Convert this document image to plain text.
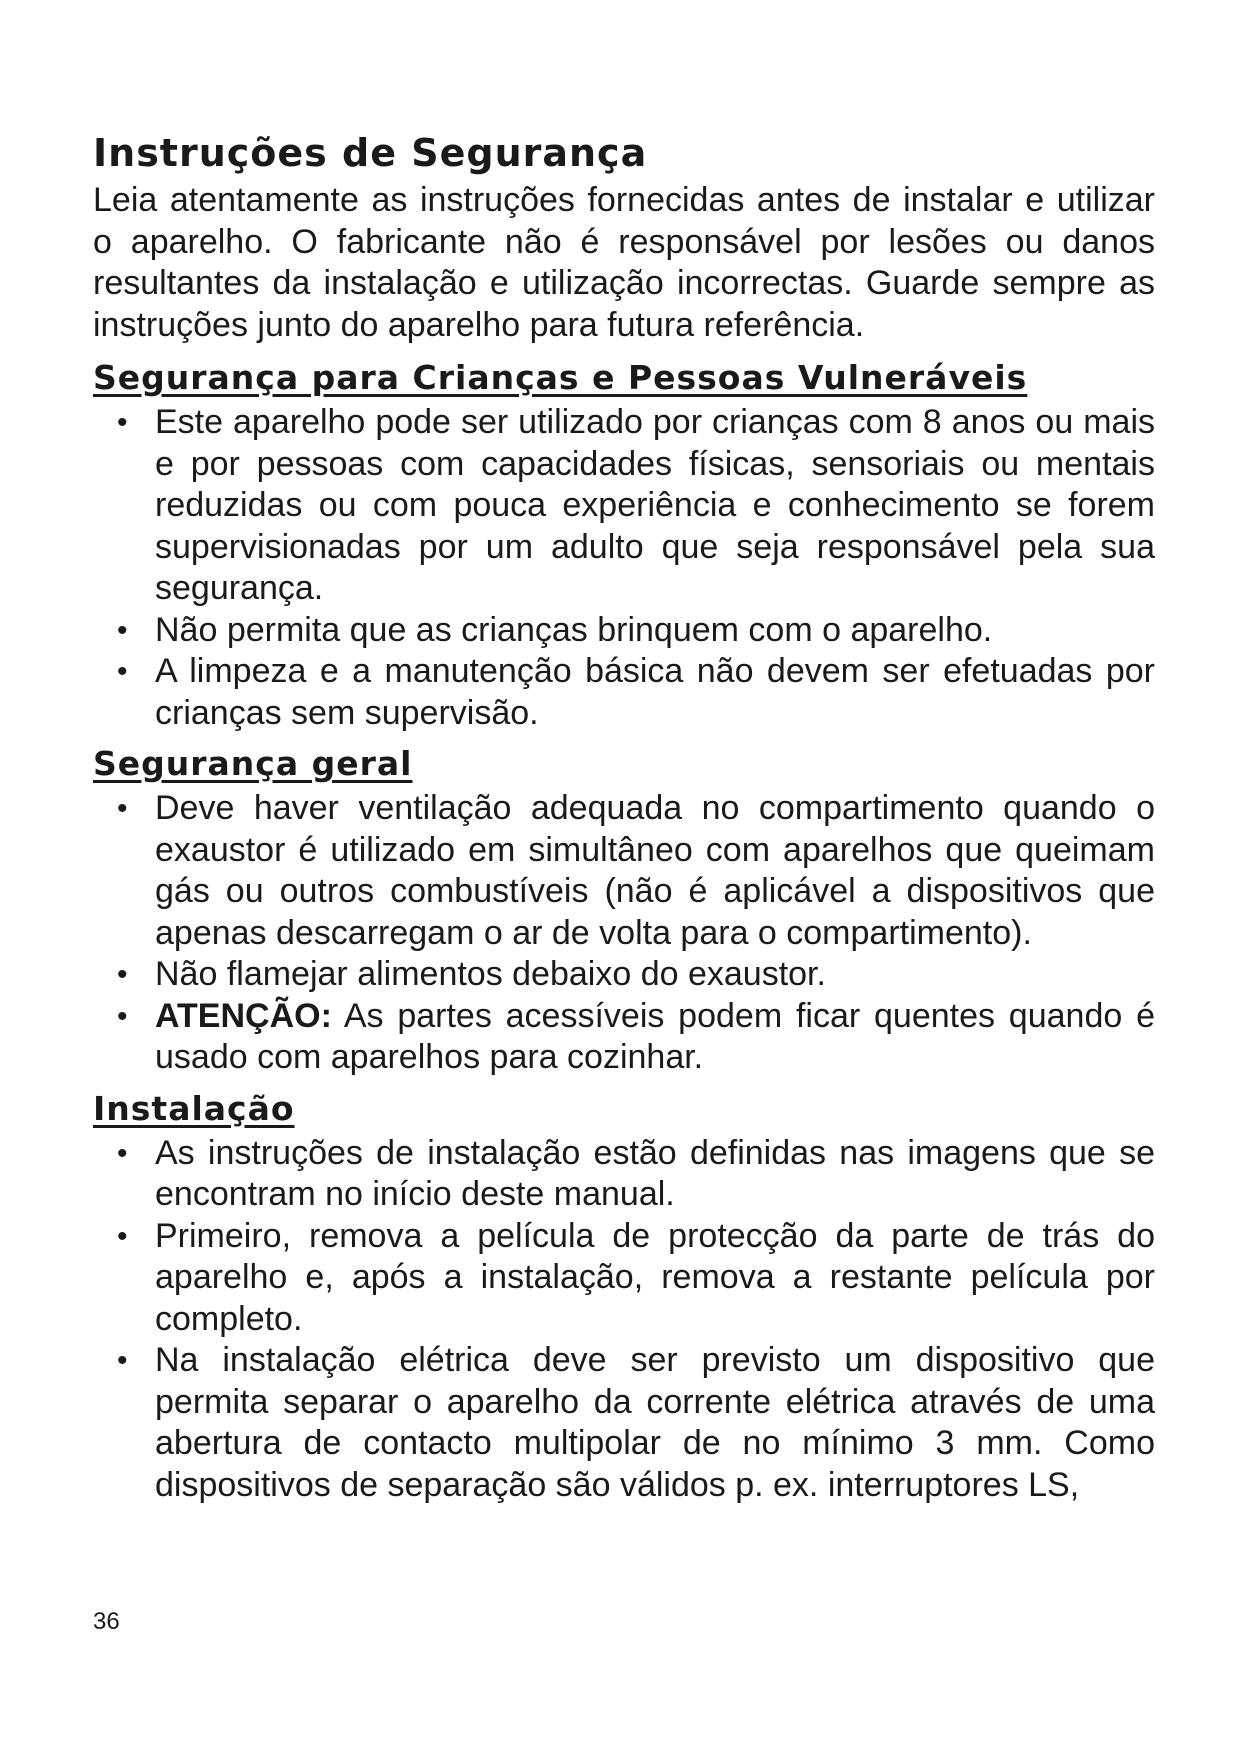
Instruções de Segurança

Leia atentamente as instruções fornecidas antes de instalar e utilizar o aparelho. O fabricante não é responsável por lesões ou danos resultantes da instalação e utilização incorrectas. Guarde sempre as instruções junto do aparelho para futura referência.

Segurança para Crianças e Pessoas Vulneráveis
• Este aparelho pode ser utilizado por crianças com 8 anos ou mais e por pessoas com capacidades físicas, sensoriais ou mentais reduzidas ou com pouca experiência e conhecimento se forem supervisionadas por um adulto que seja responsável pela sua segurança.
• Não permita que as crianças brinquem com o aparelho.
• A limpeza e a manutenção básica não devem ser efetuadas por crianças sem supervisão.
Segurança geral
• Deve haver ventilação adequada no compartimento quando o exaustor é utilizado em simultâneo com aparelhos que queimam gás ou outros combustíveis (não é aplicável a dispositivos que apenas descarregam o ar de volta para o compartimento).
• Não flamejar alimentos debaixo do exaustor.
• ATENÇÃO: As partes acessíveis podem ficar quentes quando é usado com aparelhos para cozinhar.
Instalação
• As instruções de instalação estão definidas nas imagens que se encontram no início deste manual.
• Primeiro, remova a película de protecção da parte de trás do aparelho e, após a instalação, remova a restante película por completo.
• Na instalação elétrica deve ser previsto um dispositivo que permita separar o aparelho da corrente elétrica através de uma abertura de contacto multipolar de no mínimo 3 mm. Como dispositivos de separação são válidos p. ex. interruptores LS,
36
